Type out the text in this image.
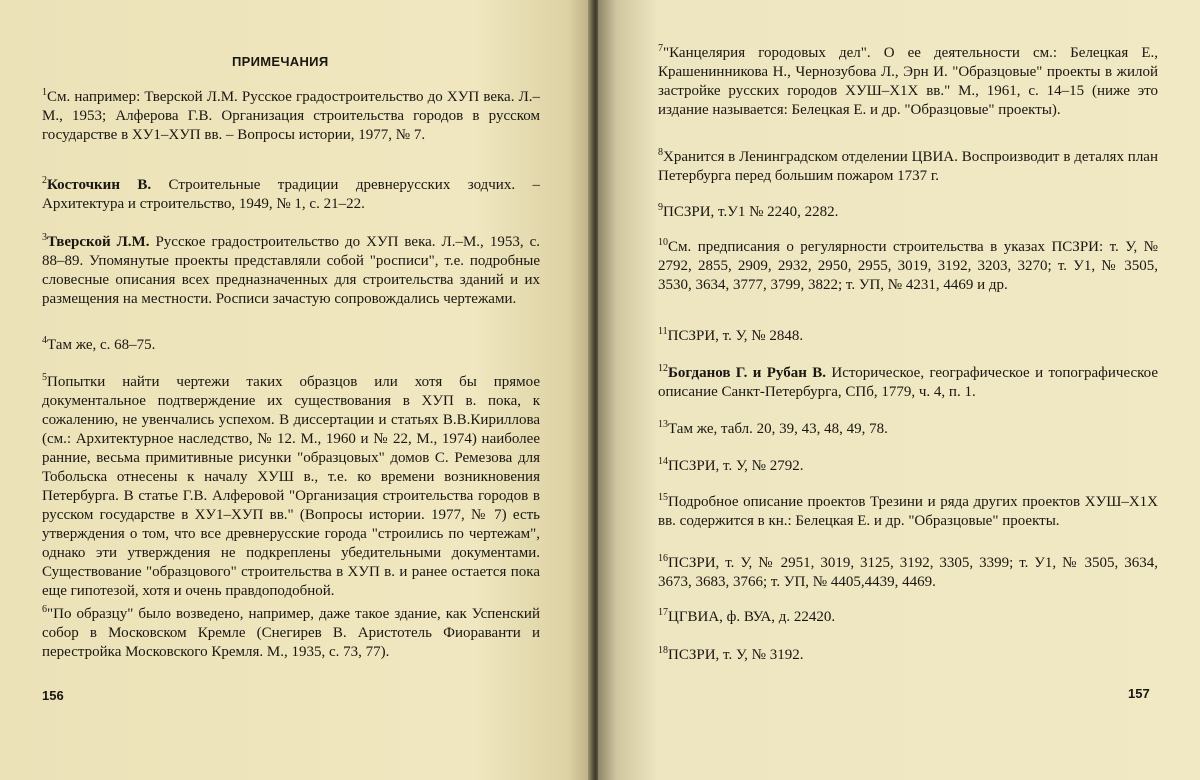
ПРИМЕЧАНИЯ
$^1$См. например: Тверской Л.М. Русское градостроительство до ХУП века. Л.–М., 1953; Алферова Г.В. Организация строительства городов в русском государстве в ХУ1–ХУП вв. – Вопросы истории, 1977, № 7.
$^2$Косточкин В. Строительные традиции древнерусских зодчих. – Архитектура и строительство, 1949, № 1, с. 21–22.
$^3$Тверской Л.М. Русское градостроительство до ХУП века. Л.–М., 1953, с. 88–89. Упомянутые проекты представляли собой "росписи", т.е. подробные словесные описания всех предназначенных для строительства зданий и их размещения на местности. Росписи зачастую сопровождались чертежами.
$^4$Там же, с. 68–75.
$^5$Попытки найти чертежи таких образцов или хотя бы прямое документальное подтверждение их существования в ХУП в. пока, к сожалению, не увенчались успехом. В диссертации и статьях В.В.Кириллова (см.: Архитектурное наследство, № 12. М., 1960 и № 22, М., 1974) наиболее ранние, весьма примитивные рисунки "образцовых" домов С. Ремезова для Тобольска отнесены к началу ХУШ в., т.е. ко времени возникновения Петербурга. В статье Г.В. Алферовой "Организация строительства городов в русском государстве в ХУ1–ХУП вв." (Вопросы истории. 1977, № 7) есть утверждения о том, что все древнерусские города "строились по чертежам", однако эти утверждения не подкреплены убедительными документами. Существование "образцового" строительства в ХУП в. и ранее остается пока еще гипотезой, хотя и очень правдоподобной.
$^6$"По образцу" было возведено, например, даже такое здание, как Успенский собор в Московском Кремле (Снегирев В. Аристотель Фиораванти и перестройка Московского Кремля. М., 1935, с. 73, 77).
156
$^7$"Канцелярия городовых дел". О ее деятельности см.: Белецкая Е., Крашенинникова Н., Чернозубова Л., Эрн И. "Образцовые" проекты в жилой застройке русских городов ХУШ–Х1Х вв." М., 1961, с. 14–15 (ниже это издание называется: Белецкая Е. и др. "Образцовые" проекты).
$^8$Хранится в Ленинградском отделении ЦВИА. Воспроизводит в деталях план Петербурга перед большим пожаром 1737 г.
$^9$ПСЗРИ, т.У1 № 2240, 2282.
$^{10}$См. предписания о регулярности строительства в указах ПСЗРИ: т. У, № 2792, 2855, 2909, 2932, 2950, 2955, 3019, 3192, 3203, 3270; т. У1, № 3505, 3530, 3634, 3777, 3799, 3822; т. УП, № 4231, 4469 и др.
$^{11}$ПСЗРИ, т. У, № 2848.
$^{12}$Богданов Г. и Рубан В. Историческое, географическое и топографическое описание Санкт-Петербурга, СПб, 1779, ч. 4, п. 1.
$^{13}$Там же, табл. 20, 39, 43, 48, 49, 78.
$^{14}$ПСЗРИ, т. У, № 2792.
$^{15}$Подробное описание проектов Трезини и ряда других проектов ХУШ–Х1Х вв. содержится в кн.: Белецкая Е. и др. "Образцовые" проекты.
$^{16}$ПСЗРИ, т. У, № 2951, 3019, 3125, 3192, 3305, 3399; т. У1, № 3505, 3634, 3673, 3683, 3766; т. УП, № 4405,4439, 4469.
$^{17}$ЦГВИА, ф. ВУА, д. 22420.
$^{18}$ПСЗРИ, т. У, № 3192.
157
